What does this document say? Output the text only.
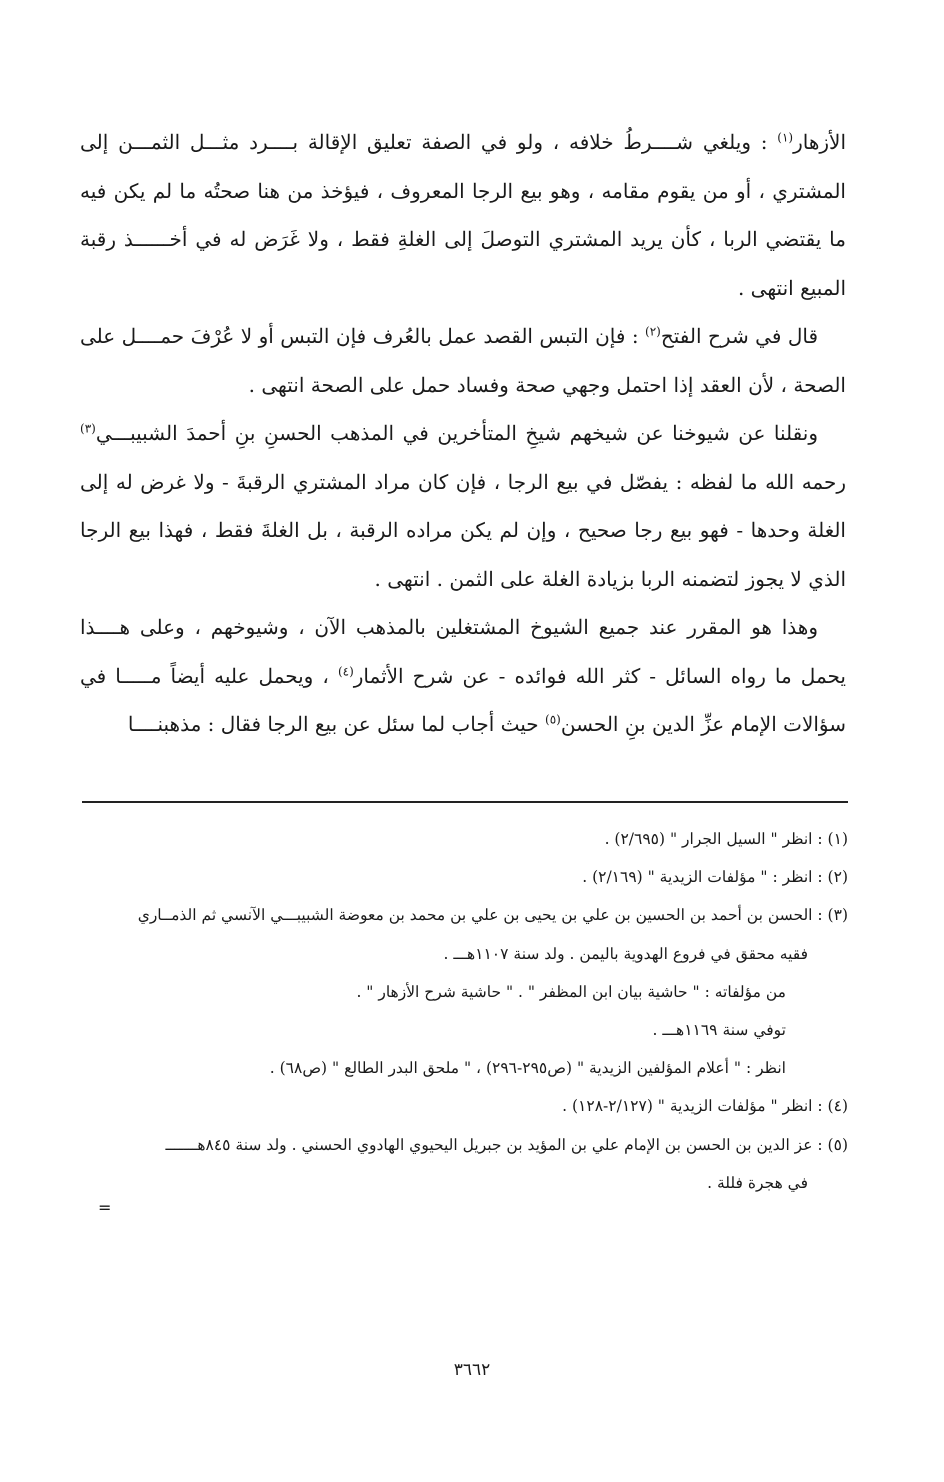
الأزهار$^{(١)}$ : ويلغي شــــرطُ خلافه ، ولو في الصفة تعليق الإقالة بــــرد مثـــل الثمـــن إلى المشتري ، أو من يقوم مقامه ، وهو بيع الرجا المعروف ، فيؤخذ من هنا صحتُه ما لم يكن فيه ما يقتضي الربا ، كأن يريد المشتري التوصلَ إلى الغلةِ فقط ، ولا غَرَض له في أخــــــذ رقبة المبيع انتهى .

قال في شرح الفتح$^{(٢)}$ : فإن التبس القصد عمل بالعُرف فإن التبس أو لا عُرْفَ حمــــل على الصحة ، لأن العقد إذا احتمل وجهي صحة وفساد حمل على الصحة انتهى .

ونقلنا عن شيوخنا عن شيخهم شيخِ المتأخرين في المذهب الحسنِ بنِ أحمدَ الشبيبـــي$^{(٣)}$ رحمه الله ما لفظه : يفصّل في بيع الرجا ، فإن كان مراد المشتري الرقبةَ - ولا غرض له إلى الغلة وحدها - فهو بيع رجا صحيح ، وإن لم يكن مراده الرقبة ، بل الغلةَ فقط ، فهذا بيع الرجا الذي لا يجوز لتضمنه الربا بزيادة الغلة على الثمن . انتهى .

وهذا هو المقرر عند جميع الشيوخ المشتغلين بالمذهب الآن ، وشيوخهم ، وعلى هــــذا يحمل ما رواه السائل - كثر الله فوائده - عن شرح الأثمار$^{(٤)}$ ، ويحمل عليه أيضاً مـــــا في سؤالات الإمام عزِّ الدين بنِ الحسن$^{(٥)}$ حيث أجاب لما سئل عن بيع الرجا فقال : مذهبنــــا

(١) : انظر " السيل الجرار " (٢/٦٩٥) .

(٢) : انظر : " مؤلفات الزيدية " (٢/١٦٩) .

(٣) : الحسن بن أحمد بن الحسين بن علي بن يحيى بن علي بن محمد بن معوضة الشبيبـــي الآنسي ثم الذمــاري

فقيه محقق في فروع الهدوية باليمن . ولد سنة ١١٠٧هـــ .

من مؤلفاته : " حاشية بيان ابن المظفر " . " حاشية شرح الأزهار " .

توفي سنة ١١٦٩هـــ .

انظر : " أعلام المؤلفين الزيدية " (ص٢٩٥-٢٩٦) ، " ملحق البدر الطالع " (ص٦٨) .

(٤) : انظر " مؤلفات الزيدية " (٢/١٢٧-١٢٨) .

(٥) : عز الدين بن الحسن بن الإمام علي بن المؤيد بن جبريل اليحيوي الهادوي الحسني . ولد سنة ٨٤٥هـــــــ

في هجرة فللة .

=
٣٦٦٢
